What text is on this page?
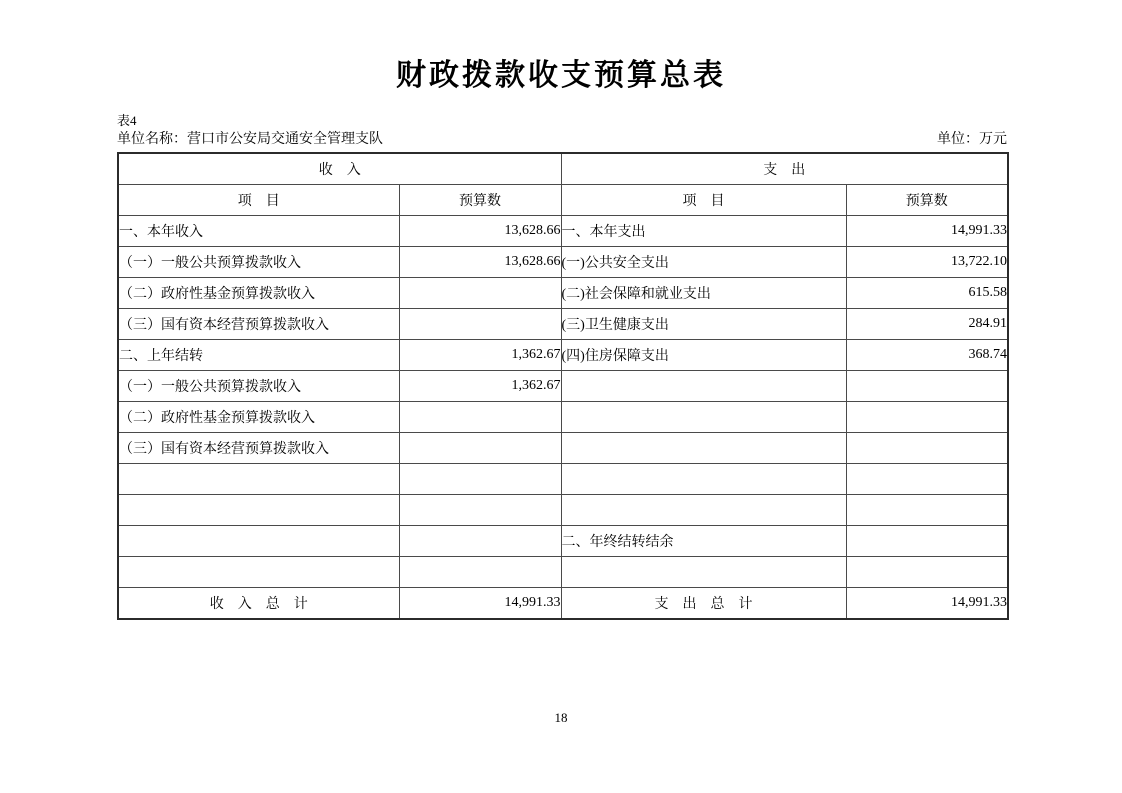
财政拨款收支预算总表
表4
单位名称：营口市公安局交通安全管理支队	单位：万元
收　入		支　出	
项　目	预算数	项　目	预算数
一、本年收入	13,628.66	一、本年支出	14,991.33
（一）一般公共预算拨款收入	13,628.66	(一)公共安全支出	13,722.10
（二）政府性基金预算拨款收入		(二)社会保障和就业支出	615.58
（三）国有资本经营预算拨款收入		(三)卫生健康支出	284.91
二、上年结转	1,362.67	(四)住房保障支出	368.74
（一）一般公共预算拨款收入	1,362.67		
（二）政府性基金预算拨款收入			
（三）国有资本经营预算拨款收入			

		二、年终结转结余	

收　入　总　计	14,991.33	支　出　总　计	14,991.33
18
